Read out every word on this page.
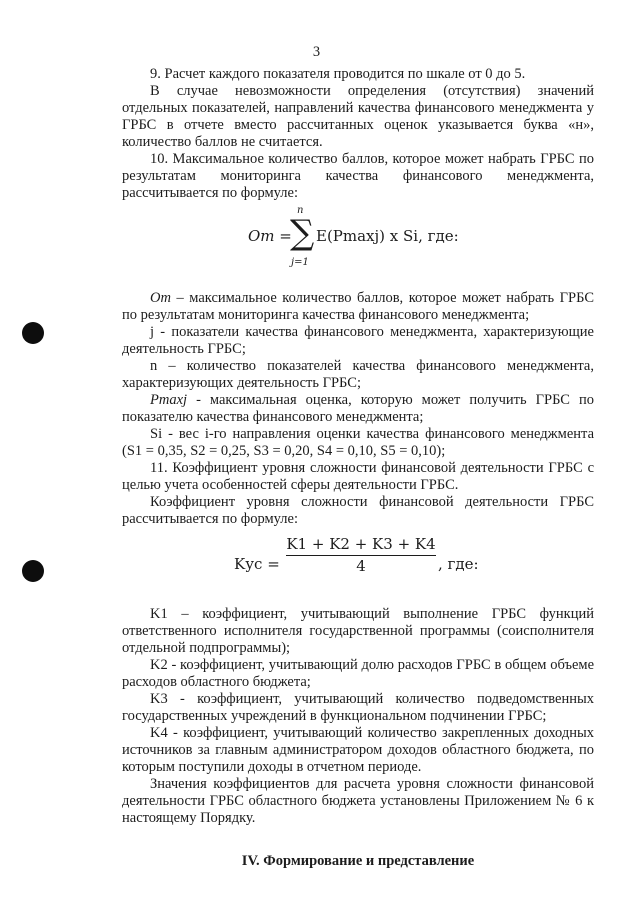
3

9. Расчет каждого показателя проводится по шкале от 0 до 5.

В случае невозможности определения (отсутствия) значений отдельных показателей, направлений качества финансового менеджмента у ГРБС в отчете вместо рассчитанных оценок указывается буква «н», количество баллов не считается.

10. Максимальное количество баллов, которое может набрать ГРБС по результатам мониторинга качества финансового менеджмента, рассчитывается по формуле:

Om =
n
∑
j=1
E(Pmaxj) x Si, где:

Om – максимальное количество баллов, которое может набрать ГРБС по результатам мониторинга качества финансового менеджмента;

j - показатели качества финансового менеджмента, характеризующие деятельность ГРБС;

n – количество показателей качества финансового менеджмента, характеризующих деятельность ГРБС;

Pmaxj - максимальная оценка, которую может получить ГРБС по показателю качества финансового менеджмента;

Si - вес i-го направления оценки качества финансового менеджмента (S1 = 0,35, S2 = 0,25, S3 = 0,20, S4 = 0,10, S5 = 0,10);

11. Коэффициент уровня сложности финансовой деятельности ГРБС с целью учета особенностей сферы деятельности ГРБС.

Коэффициент уровня сложности финансовой деятельности ГРБС рассчитывается по формуле:

Kус =
K1 + K2 + K3 + K4
4	, где:

K1 – коэффициент, учитывающий выполнение ГРБС функций ответственного исполнителя государственной программы (соисполнителя отдельной подпрограммы);

K2 - коэффициент, учитывающий долю расходов ГРБС в общем объеме расходов областного бюджета;

K3 - коэффициент, учитывающий количество подведомственных государственных учреждений в функциональном подчинении ГРБС;

K4 - коэффициент, учитывающий количество закрепленных доходных источников за главным администратором доходов областного бюджета, по которым поступили доходы в отчетном периоде.

Значения коэффициентов для расчета уровня сложности финансовой деятельности ГРБС областного бюджета установлены Приложением № 6 к настоящему Порядку.

IV. Формирование и представление
